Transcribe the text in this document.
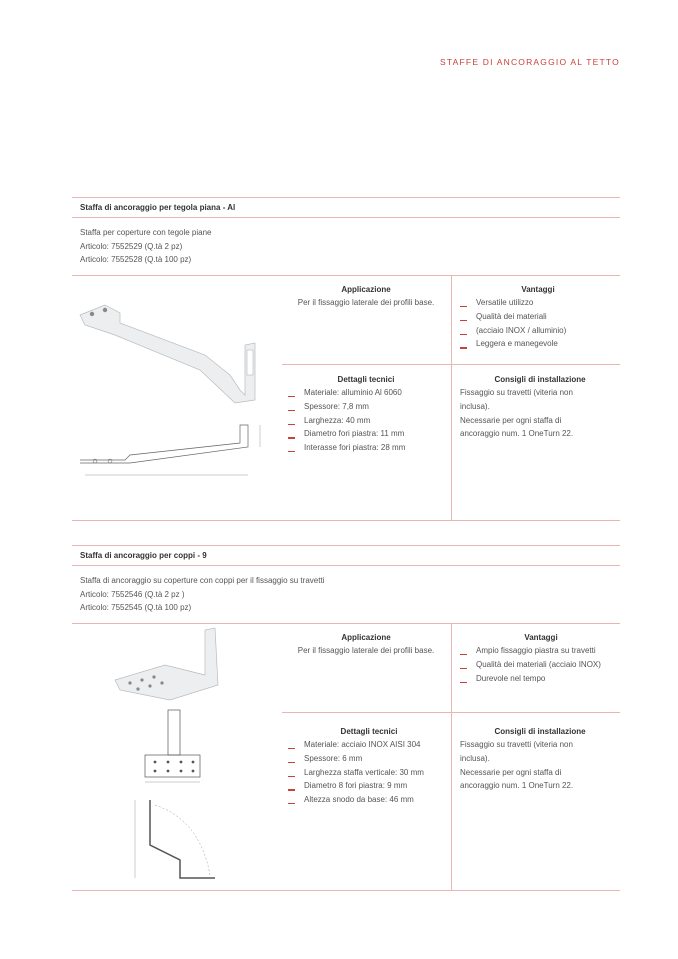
STAFFE DI ANCORAGGIO AL TETTO
Staffa di ancoraggio per tegola piana - Al
Staffa per coperture con tegole piane
Articolo: 7552529 (Q.tà 2 pz)
Articolo: 7552528 (Q.tà 100 pz)
Applicazione
Per il fissaggio laterale dei profili base.
Vantaggi
Versatile utilizzo
Qualità dei materiali
(acciaio INOX / alluminio)
Leggera e manegevole
Dettagli tecnici
Materiale: alluminio Al 6060
Spessore: 7,8 mm
Larghezza: 40 mm
Diametro fori piastra: 11 mm
Interasse fori piastra: 28 mm
Consigli di installazione
Fissaggio su travetti (viteria non
inclusa).
Necessarie per ogni staffa di
ancoraggio num. 1 OneTurn 22.
Staffa di ancoraggio per coppi - 9
Staffa di ancoraggio su coperture con coppi per il fissaggio su travetti
Articolo: 7552546 (Q.tà 2 pz )
Articolo: 7552545 (Q.tà 100 pz)
Applicazione
Per il fissaggio laterale dei profili base.
Vantaggi
Ampio fissaggio piastra su travetti
Qualità dei materiali (acciaio INOX)
Durevole nel tempo
Dettagli tecnici
Materiale: acciaio INOX AISI 304
Spessore: 6 mm
Larghezza staffa verticale: 30 mm
Diametro 8 fori piastra: 9 mm
Altezza snodo da base: 46 mm
Consigli di installazione
Fissaggio su travetti (viteria non
inclusa).
Necessarie per ogni staffa di
ancoraggio num. 1 OneTurn 22.
